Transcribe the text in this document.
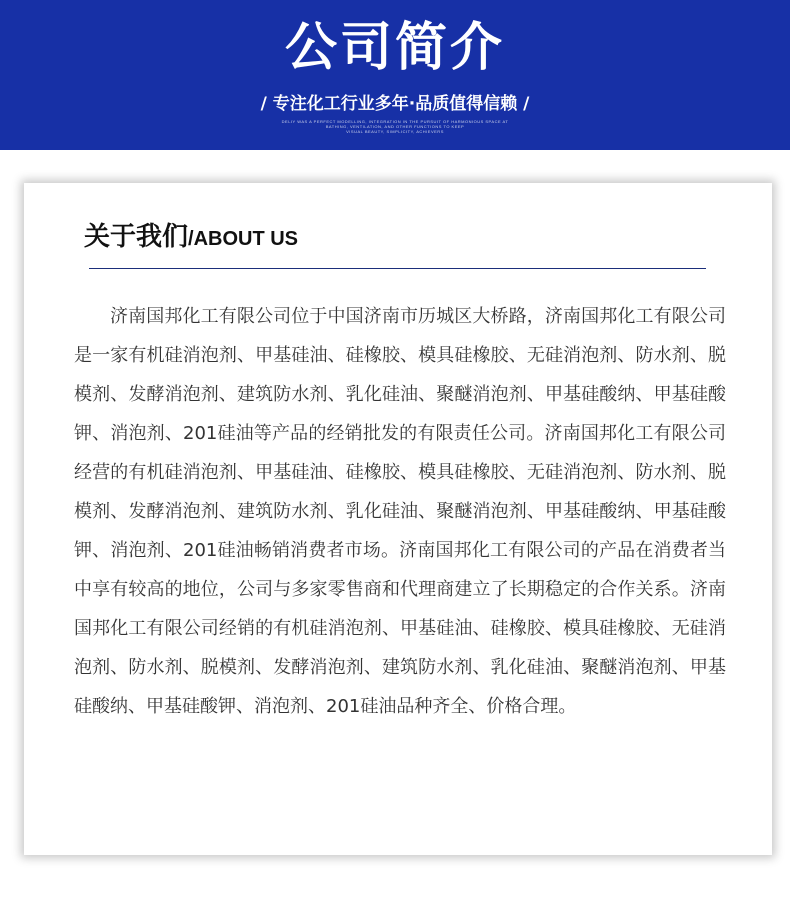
公司简介
/ 专注化工行业多年·品质值得信赖 /
DELIY WAS A PERFECT MODELLING, INTEGRATION IN THE PURSUIT OF HARMONIOUS SPACE AT
BATHING, VENTILATION, AND OTHER FUNCTIONS TO KEEP
VISUAL BEAUTY, SIMPLICITY, ACHIEVERS
关于我们/ABOUT US

济南国邦化工有限公司位于中国济南市历城区大桥路，济南国邦化工有限公司是一家有机硅消泡剂、甲基硅油、硅橡胶、模具硅橡胶、无硅消泡剂、防水剂、脱模剂、发酵消泡剂、建筑防水剂、乳化硅油、聚醚消泡剂、甲基硅酸纳、甲基硅酸钾、消泡剂、201硅油等产品的经销批发的有限责任公司。济南国邦化工有限公司经营的有机硅消泡剂、甲基硅油、硅橡胶、模具硅橡胶、无硅消泡剂、防水剂、脱模剂、发酵消泡剂、建筑防水剂、乳化硅油、聚醚消泡剂、甲基硅酸纳、甲基硅酸钾、消泡剂、201硅油畅销消费者市场。济南国邦化工有限公司的产品在消费者当中享有较高的地位，公司与多家零售商和代理商建立了长期稳定的合作关系。济南国邦化工有限公司经销的有机硅消泡剂、甲基硅油、硅橡胶、模具硅橡胶、无硅消泡剂、防水剂、脱模剂、发酵消泡剂、建筑防水剂、乳化硅油、聚醚消泡剂、甲基硅酸纳、甲基硅酸钾、消泡剂、201硅油品种齐全、价格合理。
